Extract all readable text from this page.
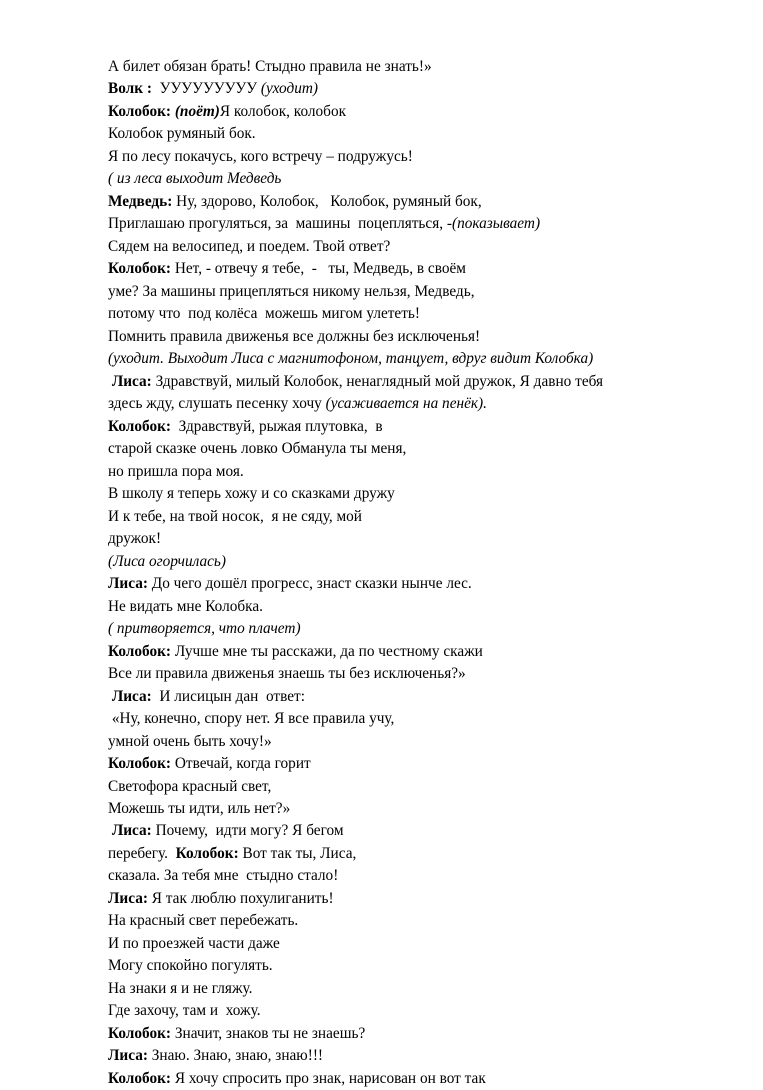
А билет обязан брать! Стыдно правила не знать!»
Волк :  УУУУУУУУУ (уходит)
Колобок: (поёт)Я колобок, колобок
Колобок румяный бок.
Я по лесу покачусь, кого встречу – подружусь!
( из леса выходит Медведь
Медведь: Ну, здорово, Колобок,   Колобок, румяный бок,
Приглашаю прогуляться, за  машины  поцепляться, -(показывает)
Сядем на велосипед, и поедем. Твой ответ?
Колобок: Нет, - отвечу я тебе,  -   ты, Медведь, в своём
уме? За машины прицепляться никому нельзя, Медведь,
потому что  под колёса  можешь мигом улететь!
Помнить правила движенья все должны без исключенья!
(уходит. Выходит Лиса с магнитофоном, танцует, вдруг видит Колобка)
Лиса: Здравствуй, милый Колобок, ненаглядный мой дружок, Я давно тебя
здесь жду, слушать песенку хочу (усаживается на пенёк).
Колобок:  Здравствуй, рыжая плутовка,  в
старой сказке очень ловко Обманула ты меня,
но пришла пора моя.
В школу я теперь хожу и со сказками дружу
И к тебе, на твой носок,  я не сяду, мой
дружок!
(Лиса огорчилась)
Лиса: До чего дошёл прогресс, знаст сказки нынче лес.
Не видать мне Колобка.
( притворяется, что плачет)
Колобок: Лучше мне ты расскажи, да по честному скажи
Все ли правила движенья знаешь ты без исключенья?»
Лиса:  И лисицын дан  ответ:
«Ну, конечно, спору нет. Я все правила учу,
умной очень быть хочу!»
Колобок: Отвечай, когда горит
Светофора красный свет,
Можешь ты идти, иль нет?»
Лиса: Почему,  идти могу? Я бегом
перебегу.  Колобок: Вот так ты, Лиса,
сказала. За тебя мне  стыдно стало!
Лиса: Я так люблю похулиганить!
На красный свет перебежать.
И по проезжей части даже
Могу спокойно погулять.
На знаки я и не гляжу.
Где захочу, там и  хожу.
Колобок: Значит, знаков ты не знаешь?
Лиса: Знаю. Знаю, знаю, знаю!!!
Колобок: Я хочу спросить про знак, нарисован он вот так
